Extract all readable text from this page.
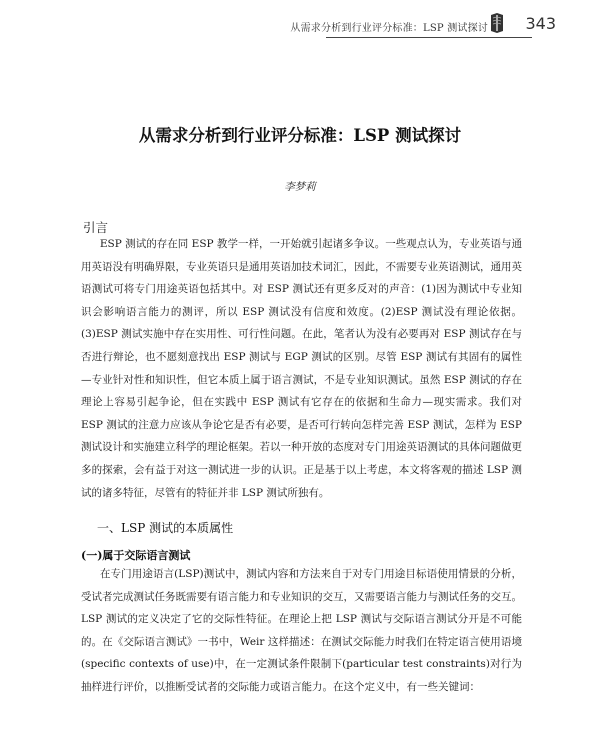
从需求分析到行业评分标准：LSP 测试探讨 343
从需求分析到行业评分标准：LSP 测试探讨
李梦莉
引言

ESP 测试的存在同 ESP 教学一样，一开始就引起诸多争议。一些观点认为，专业英语与通用英语没有明确界限，专业英语只是通用英语加技术词汇，因此，不需要专业英语测试，通用英语测试可将专门用途英语包括其中。对 ESP 测试还有更多反对的声音：(1)因为测试中专业知识会影响语言能力的测评，所以 ESP 测试没有信度和效度。(2)ESP 测试没有理论依据。(3)ESP 测试实施中存在实用性、可行性问题。在此，笔者认为没有必要再对 ESP 测试存在与否进行辩论，也不愿刻意找出 ESP 测试与 EGP 测试的区别。尽管 ESP 测试有其固有的属性—专业针对性和知识性，但它本质上属于语言测试，不是专业知识测试。虽然 ESP 测试的存在理论上容易引起争论，但在实践中 ESP 测试有它存在的依据和生命力—现实需求。我们对 ESP 测试的注意力应该从争论它是否有必要，是否可行转向怎样完善 ESP 测试，怎样为 ESP 测试设计和实施建立科学的理论框架。若以一种开放的态度对专门用途英语测试的具体问题做更多的探索，会有益于对这一测试进一步的认识。正是基于以上考虑，本文将客观的描述 LSP 测试的诸多特征，尽管有的特征并非 LSP 测试所独有。

一、LSP 测试的本质属性
(一)属于交际语言测试

在专门用途语言(LSP)测试中，测试内容和方法来自于对专门用途目标语使用情景的分析，受试者完成测试任务既需要有语言能力和专业知识的交互，又需要语言能力与测试任务的交互。LSP 测试的定义决定了它的交际性特征。在理论上把 LSP 测试与交际语言测试分开是不可能的。在《交际语言测试》一书中，Weir 这样描述：在测试交际能力时我们在特定语言使用语境(specific contexts of use)中，在一定测试条件限制下(particular test constraints)对行为抽样进行评价，以推断受试者的交际能力或语言能力。在这个定义中，有一些关键词：
